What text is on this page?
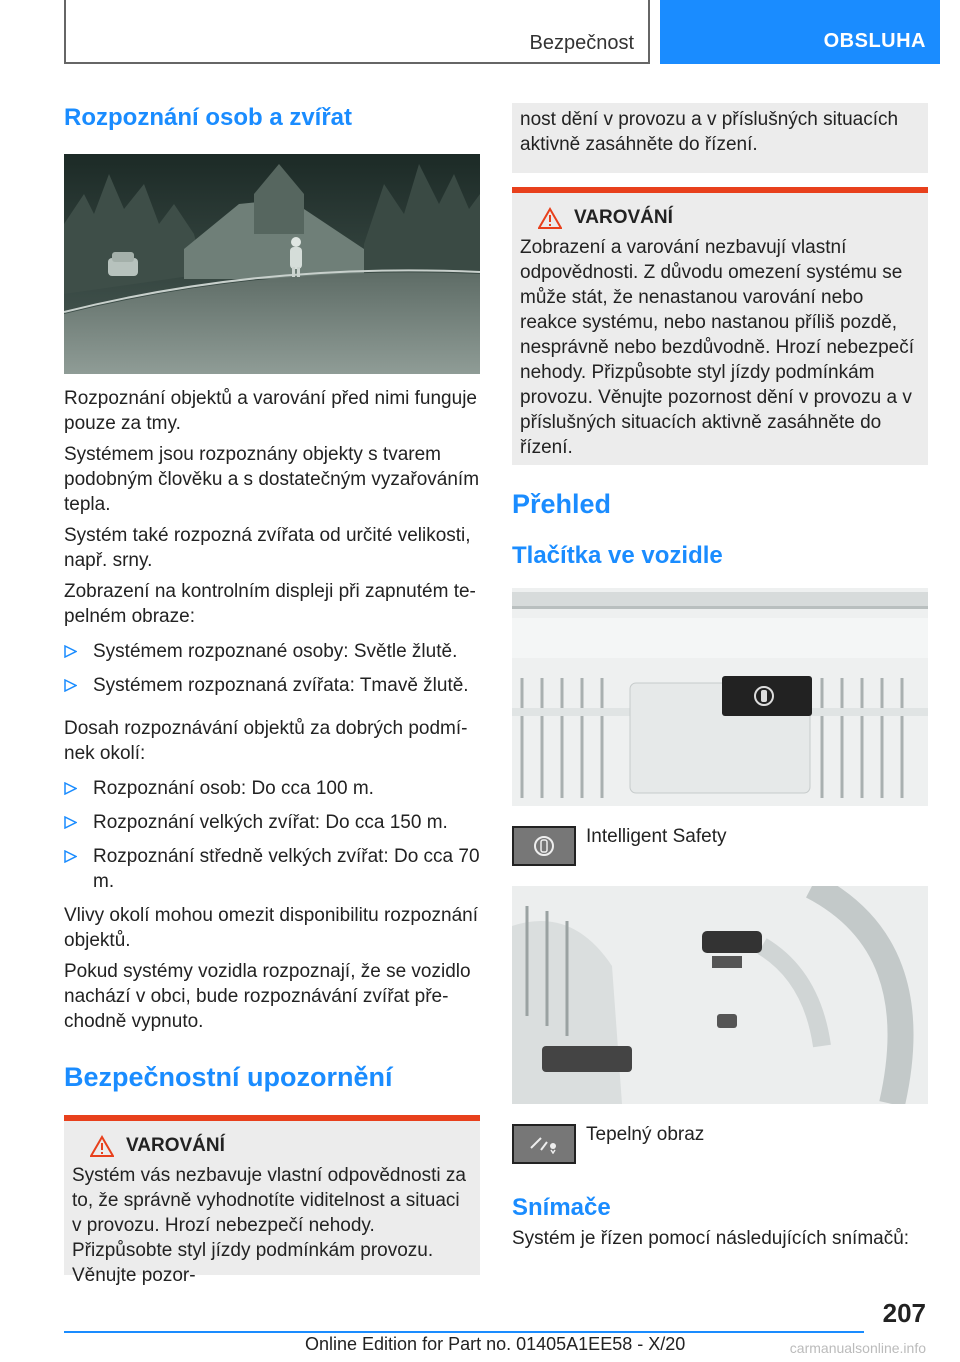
Bezpečnost	OBSLUHA
Rozpoznání osob a zvířat

Rozpoznání objektů a varování před nimi funguje pouze za tmy.

Systémem jsou rozpoznány objekty s tvarem podobným člověku a s dostatečným vyzařováním tepla.

Systém také rozpozná zvířata od určité velikosti, např. srny.

Zobrazení na kontrolním displeji při zapnutém tepelném obraze:

Systémem rozpoznané osoby: Světle žlutě.
Systémem rozpoznaná zvířata: Tmavě žlutě.

Dosah rozpoznávání objektů za dobrých podmínek okolí:

Rozpoznání osob: Do cca 100 m.
Rozpoznání velkých zvířat: Do cca 150 m.
Rozpoznání středně velkých zvířat: Do cca 70 m.

Vlivy okolí mohou omezit disponibilitu rozpoznání objektů.

Pokud systémy vozidla rozpoznají, že se vozidlo nachází v obci, bude rozpoznávání zvířat přechodně vypnuto.

Bezpečnostní upozornění
VAROVÁNÍ

Systém vás nezbavuje vlastní odpovědnosti za to, že správně vyhodnotíte viditelnost a situaci v provozu. Hrozí nebezpečí nehody. Přizpůsobte styl jízdy podmínkám provozu. Věnujte pozor-

nost dění v provozu a v příslušných situacích aktivně zasáhněte do řízení.

VAROVÁNÍ

Zobrazení a varování nezbavují vlastní odpovědnosti. Z důvodu omezení systému se může stát, že nenastanou varování nebo reakce systému, nebo nastanou příliš pozdě, nesprávně nebo bezdůvodně. Hrozí nebezpečí nehody. Přizpůsobte styl jízdy podmínkám provozu. Věnujte pozornost dění v provozu a v příslušných situacích aktivně zasáhněte do řízení.

Přehled
Tlačítka ve vozidle
Intelligent Safety
Tepelný obraz
Snímače

Systém je řízen pomocí následujících snímačů:

207
Online Edition for Part no. 01405A1EE58 - X/20	carmanualsonline.info
